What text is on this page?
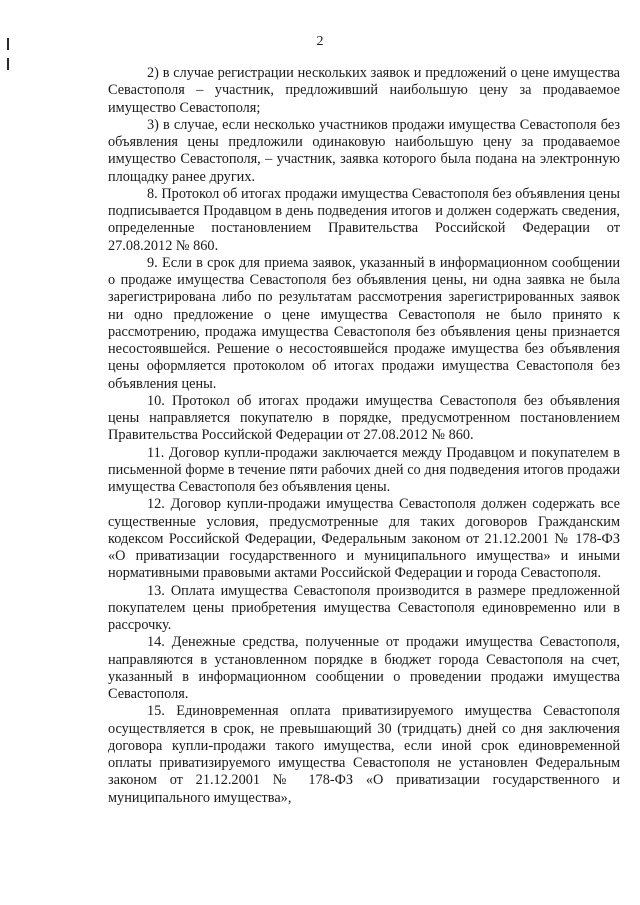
2

2) в случае регистрации нескольких заявок и предложений о цене имущества Севастополя – участник, предложивший наибольшую цену за продаваемое имущество Севастополя;

3) в случае, если несколько участников продажи имущества Севастополя без объявления цены предложили одинаковую наибольшую цену за продаваемое имущество Севастополя, – участник, заявка которого была подана на электронную площадку ранее других.

8. Протокол об итогах продажи имущества Севастополя без объявления цены подписывается Продавцом в день подведения итогов и должен содержать сведения, определенные постановлением Правительства Российской Федерации от 27.08.2012 № 860.

9. Если в срок для приема заявок, указанный в информационном сообщении о продаже имущества Севастополя без объявления цены, ни одна заявка не была зарегистрирована либо по результатам рассмотрения зарегистрированных заявок ни одно предложение о цене имущества Севастополя не было принято к рассмотрению, продажа имущества Севастополя без объявления цены признается несостоявшейся. Решение о несостоявшейся продаже имущества без объявления цены оформляется протоколом об итогах продажи имущества Севастополя без объявления цены.

10. Протокол об итогах продажи имущества Севастополя без объявления цены направляется покупателю в порядке, предусмотренном постановлением Правительства Российской Федерации от 27.08.2012 № 860.

11. Договор купли-продажи заключается между Продавцом и покупателем в письменной форме в течение пяти рабочих дней со дня подведения итогов продажи имущества Севастополя без объявления цены.

12. Договор купли-продажи имущества Севастополя должен содержать все существенные условия, предусмотренные для таких договоров Гражданским кодексом Российской Федерации, Федеральным законом от 21.12.2001 № 178-ФЗ «О приватизации государственного и муниципального имущества» и иными нормативными правовыми актами Российской Федерации и города Севастополя.

13. Оплата имущества Севастополя производится в размере предложенной покупателем цены приобретения имущества Севастополя единовременно или в рассрочку.

14. Денежные средства, полученные от продажи имущества Севастополя, направляются в установленном порядке в бюджет города Севастополя на счет, указанный в информационном сообщении о проведении продажи имущества Севастополя.

15. Единовременная оплата приватизируемого имущества Севастополя осуществляется в срок, не превышающий 30 (тридцать) дней со дня заключения договора купли-продажи такого имущества, если иной срок единовременной оплаты приватизируемого имущества Севастополя не установлен Федеральным законом от 21.12.2001 № 178-ФЗ «О приватизации государственного и муниципального имущества»,
